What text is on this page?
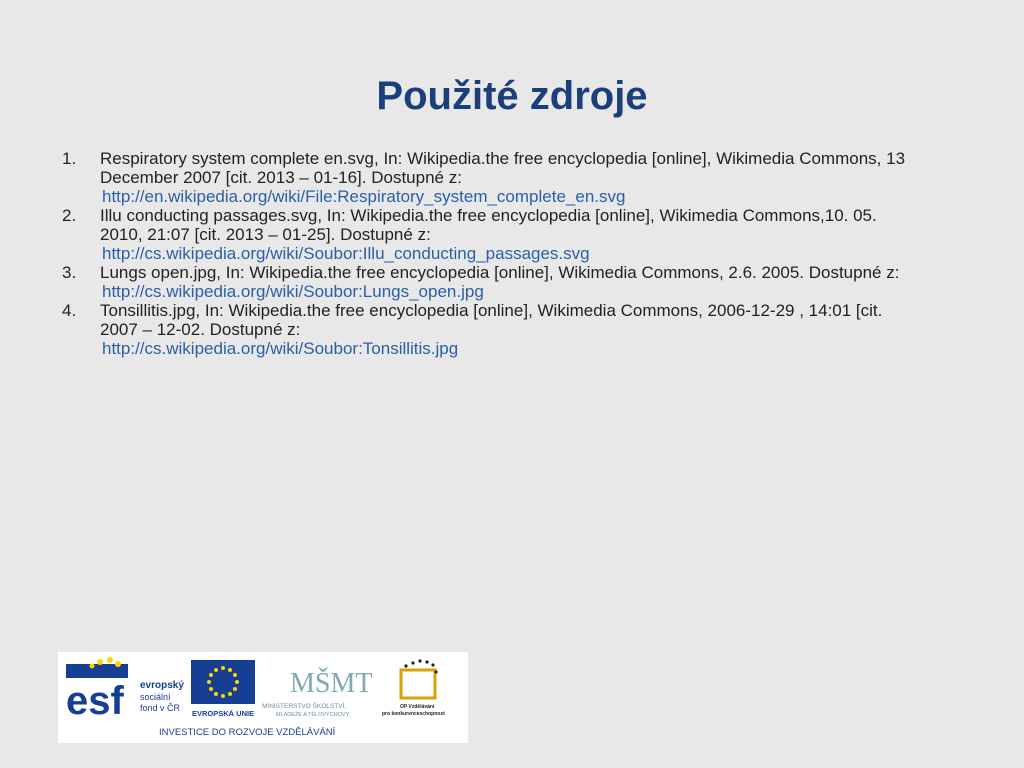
Použité zdroje
1. Respiratory system complete en.svg, In: Wikipedia.the free encyclopedia [online], Wikimedia Commons, 13 December 2007 [cit. 2013 – 01-16]. Dostupné z:
http://en.wikipedia.org/wiki/File:Respiratory_system_complete_en.svg
2. Illu conducting passages.svg, In: Wikipedia.the free encyclopedia [online], Wikimedia Commons,10. 05. 2010, 21:07 [cit. 2013 – 01-25]. Dostupné z:
http://cs.wikipedia.org/wiki/Soubor:Illu_conducting_passages.svg
3. Lungs open.jpg, In: Wikipedia.the free encyclopedia [online], Wikimedia Commons, 2.6. 2005. Dostupné z:
http://cs.wikipedia.org/wiki/Soubor:Lungs_open.jpg
4. Tonsillitis.jpg, In: Wikipedia.the free encyclopedia [online], Wikimedia Commons, 2006-12-29 , 14:01 [cit. 2007 – 12-02. Dostupné z:
http://cs.wikipedia.org/wiki/Soubor:Tonsillitis.jpg
esf evropský
sociální
fond v ČR
EVROPSKÁ UNIE
MŠMT
MINISTERSTVO ŠKOLSTVÍ,
MLÁDEŽE A TĚLOVÝCHOVY
OP Vzdělávání
pro konkurenceschopnost
INVESTICE DO ROZVOJE VZDĚLÁVÁNÍ
